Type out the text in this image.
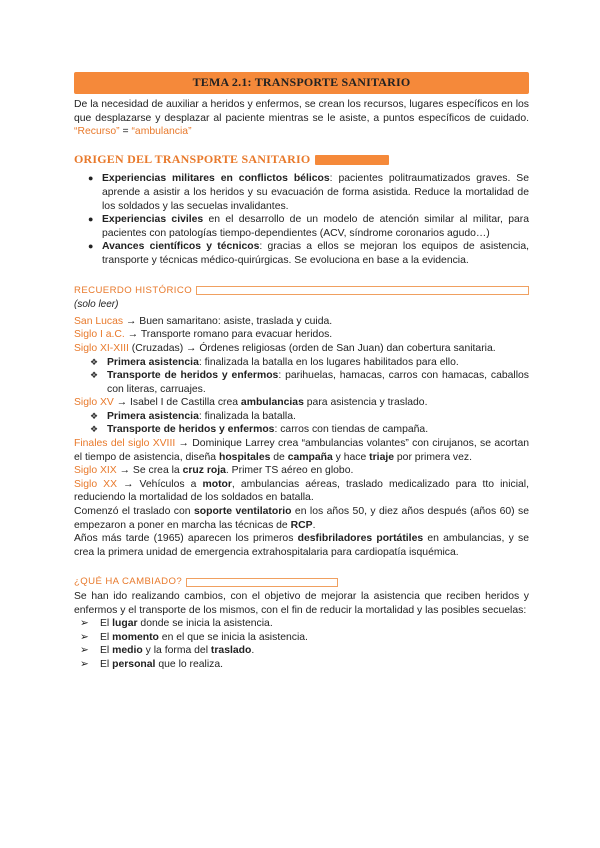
TEMA 2.1: TRANSPORTE SANITARIO

De la necesidad de auxiliar a heridos y enfermos, se crean los recursos, lugares específicos en los que desplazarse y desplazar al paciente mientras se le asiste, a puntos específicos de cuidado. “Recurso” = “ambulancia”

ORIGEN DEL TRANSPORTE SANITARIO
● Experiencias militares en conflictos bélicos: pacientes politraumatizados graves. Se aprende a asistir a los heridos y su evacuación de forma asistida. Reduce la mortalidad de los soldados y las secuelas invalidantes.
● Experiencias civiles en el desarrollo de un modelo de atención similar al militar, para pacientes con patologías tiempo-dependientes (ACV, síndrome coronarios agudo…)
● Avances científicos y técnicos: gracias a ellos se mejoran los equipos de asistencia, transporte y técnicas médico-quirúrgicas. Se evoluciona en base a la evidencia.
RECUERDO HISTÓRICO
(solo leer)

San Lucas → Buen samaritano: asiste, traslada y cuida.

Siglo I a.C. → Transporte romano para evacuar heridos.

Siglo XI-XIII (Cruzadas) → Órdenes religiosas (orden de San Juan) dan cobertura sanitaria.

❖ Primera asistencia: finalizada la batalla en los lugares habilitados para ello.
❖ Transporte de heridos y enfermos: parihuelas, hamacas, carros con hamacas, caballos con literas, carruajes.

Siglo XV → Isabel I de Castilla crea ambulancias para asistencia y traslado.

❖ Primera asistencia: finalizada la batalla.
❖ Transporte de heridos y enfermos: carros con tiendas de campaña.

Finales del siglo XVIII → Dominique Larrey crea “ambulancias volantes” con cirujanos, se acortan el tiempo de asistencia, diseña hospitales de campaña y hace triaje por primera vez.

Siglo XIX → Se crea la cruz roja. Primer TS aéreo en globo.

Siglo XX → Vehículos a motor, ambulancias aéreas, traslado medicalizado para tto inicial, reduciendo la mortalidad de los soldados en batalla.

Comenzó el traslado con soporte ventilatorio en los años 50, y diez años después (años 60) se empezaron a poner en marcha las técnicas de RCP.

Años más tarde (1965) aparecen los primeros desfibriladores portátiles en ambulancias, y se crea la primera unidad de emergencia extrahospitalaria para cardiopatía isquémica.

¿QUÉ HA CAMBIADO?

Se han ido realizando cambios, con el objetivo de mejorar la asistencia que reciben heridos y enfermos y el transporte de los mismos, con el fin de reducir la mortalidad y las posibles secuelas:

➢ El lugar donde se inicia la asistencia.
➢ El momento en el que se inicia la asistencia.
➢ El medio y la forma del traslado.
➢ El personal que lo realiza.
